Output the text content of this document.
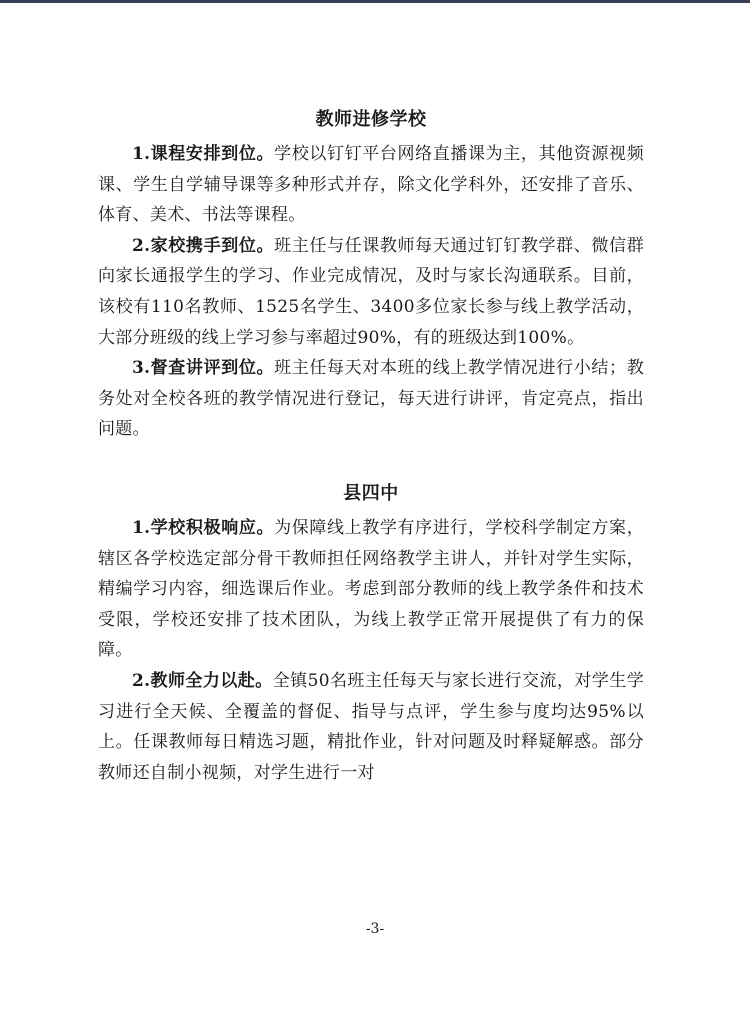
教师进修学校

1.课程安排到位。学校以钉钉平台网络直播课为主，其他资源视频课、学生自学辅导课等多种形式并存，除文化学科外，还安排了音乐、体育、美术、书法等课程。

2.家校携手到位。班主任与任课教师每天通过钉钉教学群、微信群向家长通报学生的学习、作业完成情况，及时与家长沟通联系。目前，该校有110名教师、1525名学生、3400多位家长参与线上教学活动，大部分班级的线上学习参与率超过90%，有的班级达到100%。

3.督查讲评到位。班主任每天对本班的线上教学情况进行小结；教务处对全校各班的教学情况进行登记，每天进行讲评，肯定亮点，指出问题。

县四中

1.学校积极响应。为保障线上教学有序进行，学校科学制定方案，辖区各学校选定部分骨干教师担任网络教学主讲人，并针对学生实际，精编学习内容，细选课后作业。考虑到部分教师的线上教学条件和技术受限，学校还安排了技术团队，为线上教学正常开展提供了有力的保障。

2.教师全力以赴。全镇50名班主任每天与家长进行交流，对学生学习进行全天候、全覆盖的督促、指导与点评，学生参与度均达95%以上。任课教师每日精选习题，精批作业，针对问题及时释疑解惑。部分教师还自制小视频，对学生进行一对

-3-
